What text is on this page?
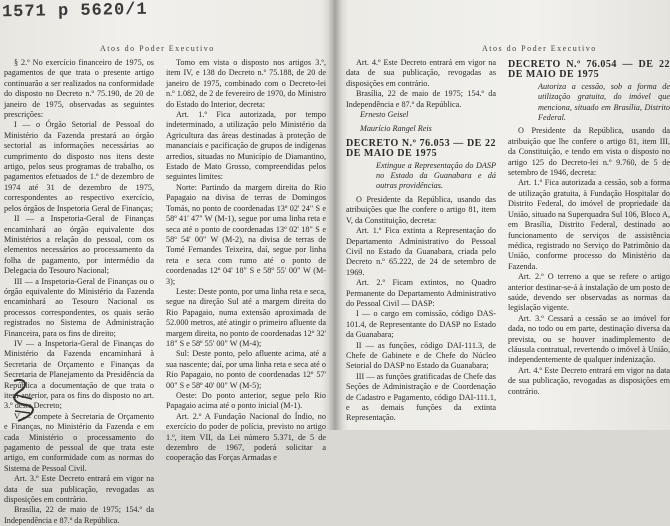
1571 p 5620/1
Atos do Poder Executivo

§ 2.º No exercício financeiro de 1975, os pagamentos de que trata o presente artigo continuarão a ser realizados na conformidade do disposto no Decreto n.º 75.190, de 20 de janeiro de 1975, observadas as seguintes prescrições:

I — o Órgão Setorial de Pessoal do Ministério da Fazenda prestará ao órgão sectorial as informações necessárias ao cumprimento do disposto nos itens deste artigo, pelos seus programas de trabalho, os pagamentos efetuados de 1.º de dezembro de 1974 até 31 de dezembro de 1975, correspondentes ao respectivo exercício, pelos órgãos de Inspetoria Geral de Finanças;

II — a Inspetoria-Geral de Finanças encaminhará ao órgão equivalente dos Ministérios a relação do pessoal, com os elementos necessários ao processamento da folha de pagamento, por intermédio da Delegacia do Tesouro Nacional;

III — a Inspetoria-Geral de Finanças ou o órgão equivalente do Ministério da Fazenda encaminhará ao Tesouro Nacional os processos correspondentes, os quais serão registrados no Sistema de Administração Financeira, para os fins de direito;

IV — a Inspetoria-Geral de Finanças do Ministério da Fazenda encaminhará à Secretaria de Orçamento e Finanças da Secretaria de Planejamento da Presidência da República a documentação de que trata o item anterior, para os fins do disposto no art. 3.º deste Decreto;

V — compete à Secretaria de Orçamento e Finanças, no Ministério da Fazenda e em cada Ministério o processamento do pagamento de pessoal de que trata este artigo, em conformidade com as normas do Sistema de Pessoal Civil.

Art. 3.º Este Decreto entrará em vigor na data de sua publicação, revogadas as disposições em contrário.

Brasília, 22 de maio de 1975; 154.º da Independência e 87.º da República.

Tomo em vista o disposto nos artigos 3.º, item IV, e 138 do Decreto n.º 75.188, de 20 de janeiro de 1975, combinado com o Decreto-lei n.º 1.082, de 2 de fevereiro de 1970, do Ministro do Estado do Interior, decreta:

Art. 1.º Fica autorizada, por tempo indeterminado, a utilização pelo Ministério da Agricultura das áreas destinadas à proteção de mananciais e pacificação de grupos de indígenas arredios, situadas no Município de Diamantino, Estado de Mato Grosso, compreendidas pelos seguintes limites:

Norte: Partindo da margem direita do Rio Papagaio na divisa de terras de Domingos Tomás, no ponto de coordenadas 13º 02' 24" S e 58º 41' 47" W (M-1), segue por uma linha reta e seca até o ponto de coordenadas 13º 02' 18" S e 58º 54' 00" W (M-2), na divisa de terras de Tomé Fernandes Teixeira, daí, segue por linha reta e seca com rumo até o ponto de coordenadas 12º 04' 18" S e 58º 55' 00" W (M-3);

Leste: Deste ponto, por uma linha reta e seca, segue na direção Sul até a margem direita do Rio Papagaio, numa extensão aproximada de 52.000 metros, até atingir o primeiro afluente da margem direita, no ponto de coordenadas 12º 32' 18" S e 58º 55' 00" W (M-4);

Sul: Deste ponto, pelo afluente acima, até a sua nascente; daí, por uma linha reta e seca até o Rio Papagaio, no ponto de coordenadas 12º 57' 00" S e 58º 40' 00" W (M-5);

Oeste: Do ponto anterior, segue pelo Rio Papagaio acima até o ponto inicial (M-1).

Art. 2.º A Fundação Nacional do Índio, no exercício do poder de polícia, previsto no artigo 1.º, item VII, da Lei número 5.371, de 5 de dezembro de 1967, poderá solicitar a cooperação das Forças Armadas e

Atos do Poder Executivo

Art. 4.º Este Decreto entrará em vigor na data de sua publicação, revogadas as disposições em contrário.

Brasília, 22 de maio de 1975; 154.º da Independência e 87.º da República.

Ernesto Geisel

Maurício Rangel Reis

DECRETO N.º 76.053 — DE 22 DE MAIO DE 1975

Extingue a Representação do DASP no Estado da Guanabara e dá outras providências.

O Presidente da República, usando das atribuições que lhe confere o artigo 81, item V, da Constituição, decreta:

Art. 1.º Fica extinta a Representação do Departamento Administrativo do Pessoal Civil no Estado da Guanabara, criada pelo Decreto n.º 65.222, de 24 de setembro de 1969.

Art. 2.º Ficam extintos, no Quadro Permanente do Departamento Administrativo do Pessoal Civil — DASP:

I — o cargo em comissão, código DAS-101.4, de Representante do DASP no Estado da Guanabara;

II — as funções, código DAI-111.3, de Chefe de Gabinete e de Chefe do Núcleo Setorial do DASP no Estado da Guanabara;

III — as funções gratificadas de Chefe das Seções de Administração e de Coordenação de Cadastro e Pagamento, código DAI-111.1, e as demais funções da extinta Representação.

DECRETO N.º 76.054 — DE 22 DE MAIO DE 1975

Autoriza a cessão, sob a forma de utilização gratuita, do imóvel que menciona, situado em Brasília, Distrito Federal.

O Presidente da República, usando da atribuição que lhe confere o artigo 81, item III, da Constituição, e tendo em vista o disposto no artigo 125 do Decreto-lei n.º 9.760, de 5 de setembro de 1946, decreta:

Art. 1.º Fica autorizada a cessão, sob a forma de utilização gratuita, à Fundação Hospitalar do Distrito Federal, do imóvel de propriedade da União, situado na Superquadra Sul 106, Bloco A, em Brasília, Distrito Federal, destinado ao funcionamento de serviços de assistência médica, registrado no Serviço do Patrimônio da União, conforme processo do Ministério da Fazenda.

Art. 2.º O terreno a que se refere o artigo anterior destinar-se-á à instalação de um posto de saúde, devendo ser observadas as normas da legislação vigente.

Art. 3.º Cessará a cessão se ao imóvel for dada, no todo ou em parte, destinação diversa da prevista, ou se houver inadimplemento de cláusula contratual, revertendo o imóvel à União, independentemente de qualquer indenização.

Art. 4.º Este Decreto entrará em vigor na data de sua publicação, revogadas as disposições em contrário.
